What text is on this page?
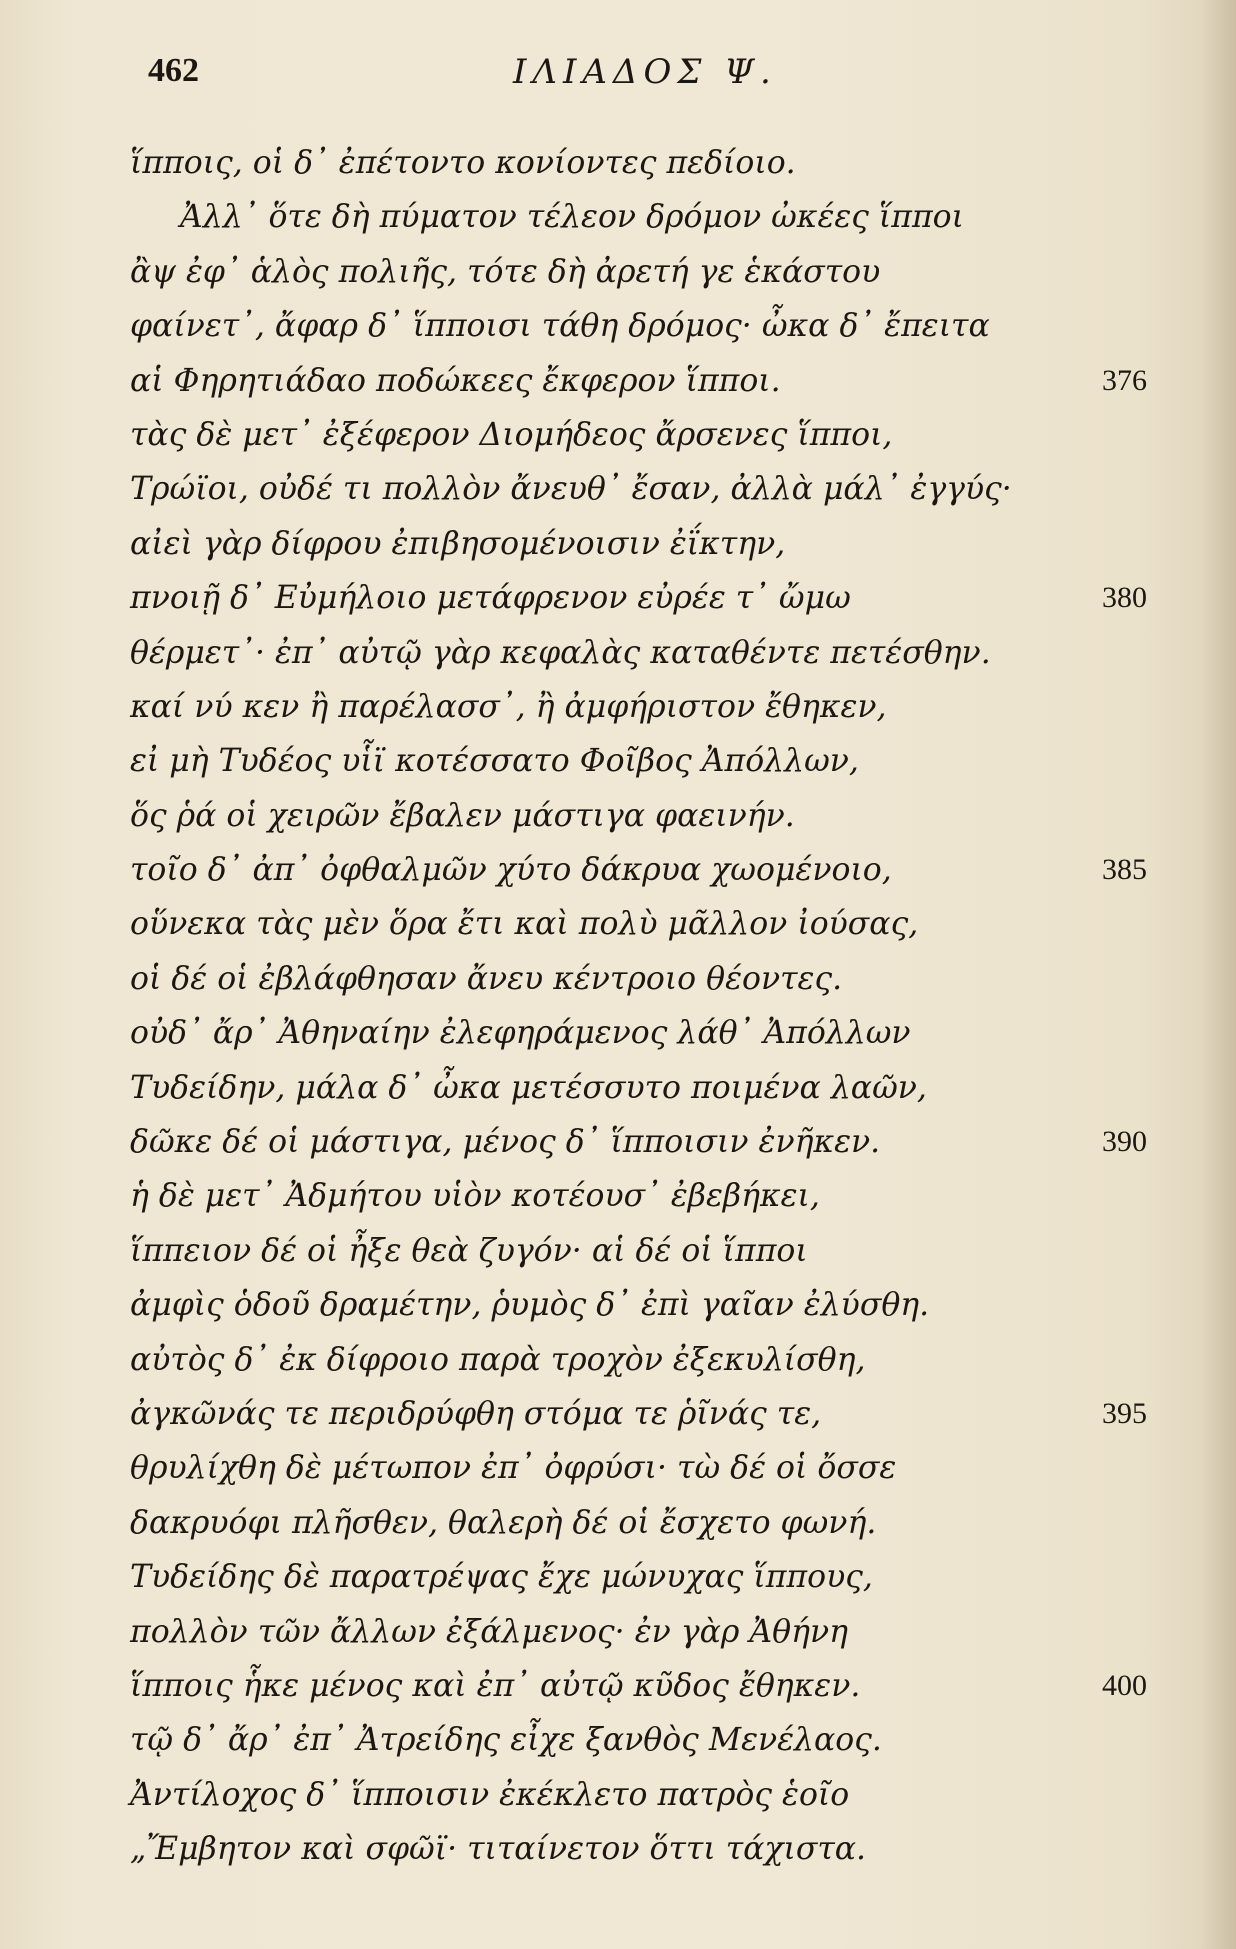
462	ΙΛΙΑΔΟΣ Ψ.
ἵπποις, οἱ δ᾽ ἐπέτοντο κονίοντες πεδίοιο.
Ἀλλ᾽ ὅτε δὴ πύματον τέλεον δρόμον ὠκέες ἵπποι
ἂψ ἐφ᾽ ἁλὸς πολιῆς, τότε δὴ ἀρετή γε ἑκάστου
φαίνετ᾽, ἄφαρ δ᾽ ἵπποισι τάθη δρόμος· ὦκα δ᾽ ἔπειτα
αἱ Φηρητιάδαο ποδώκεες ἔκφερον ἵπποι.	376
τὰς δὲ μετ᾽ ἐξέφερον Διομήδεος ἄρσενες ἵπποι,
Τρώϊοι, οὐδέ τι πολλὸν ἄνευθ᾽ ἔσαν, ἀλλὰ μάλ᾽ ἐγγύς·
αἰεὶ γὰρ δίφρου ἐπιβησομένοισιν ἐΐκτην,
πνοιῇ δ᾽ Εὐμήλοιο μετάφρενον εὐρέε τ᾽ ὤμω	380
θέρμετ᾽· ἐπ᾽ αὐτῷ γὰρ κεφαλὰς καταθέντε πετέσθην.
καί νύ κεν ἢ παρέλασσ᾽, ἢ ἀμφήριστον ἔθηκεν,
εἰ μὴ Τυδέος υἷϊ κοτέσσατο Φοῖβος Ἀπόλλων,
ὅς ῥά οἱ χειρῶν ἔβαλεν μάστιγα φαεινήν.
τοῖο δ᾽ ἀπ᾽ ὀφθαλμῶν χύτο δάκρυα χωομένοιο,	385
οὕνεκα τὰς μὲν ὅρα ἔτι καὶ πολὺ μᾶλλον ἰούσας,
οἱ δέ οἱ ἐβλάφθησαν ἄνευ κέντροιο θέοντες.
οὐδ᾽ ἄρ᾽ Ἀθηναίην ἐλεφηράμενος λάθ᾽ Ἀπόλλων
Τυδείδην, μάλα δ᾽ ὦκα μετέσσυτο ποιμένα λαῶν,
δῶκε δέ οἱ μάστιγα, μένος δ᾽ ἵπποισιν ἐνῆκεν.	390
ἡ δὲ μετ᾽ Ἀδμήτου υἱὸν κοτέουσ᾽ ἐβεβήκει,
ἵππειον δέ οἱ ἦξε θεὰ ζυγόν· αἱ δέ οἱ ἵπποι
ἀμφὶς ὁδοῦ δραμέτην, ῥυμὸς δ᾽ ἐπὶ γαῖαν ἐλύσθη.
αὐτὸς δ᾽ ἐκ δίφροιο παρὰ τροχὸν ἐξεκυλίσθη,
ἀγκῶνάς τε περιδρύφθη στόμα τε ῥῖνάς τε,	395
θρυλίχθη δὲ μέτωπον ἐπ᾽ ὀφρύσι· τὼ δέ οἱ ὄσσε
δακρυόφι πλῆσθεν, θαλερὴ δέ οἱ ἔσχετο φωνή.
Τυδείδης δὲ παρατρέψας ἔχε μώνυχας ἵππους,
πολλὸν τῶν ἄλλων ἐξάλμενος· ἐν γὰρ Ἀθήνη
ἵπποις ἧκε μένος καὶ ἐπ᾽ αὐτῷ κῦδος ἔθηκεν.	400
τῷ δ᾽ ἄρ᾽ ἐπ᾽ Ἀτρείδης εἶχε ξανθὸς Μενέλαος.
Ἀντίλοχος δ᾽ ἵπποισιν ἐκέκλετο πατρὸς ἑοῖο
„Ἔμβητον καὶ σφῶϊ· τιταίνετον ὅττι τάχιστα.
